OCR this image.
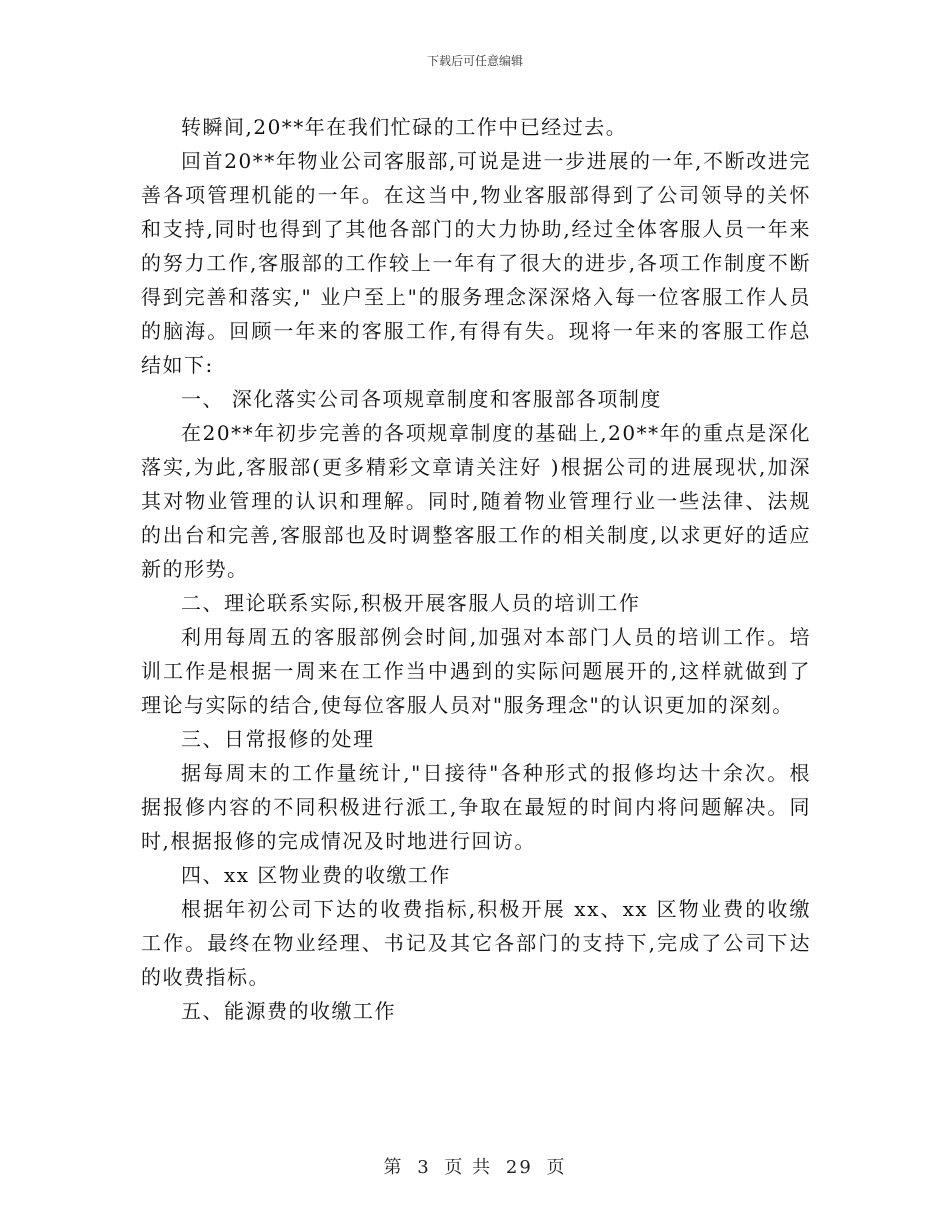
下载后可任意编辑

转瞬间,20**年在我们忙碌的工作中已经过去。

回首20**年物业公司客服部,可说是进一步进展的一年,不断改进完善各项管理机能的一年。在这当中,物业客服部得到了公司领导的关怀和支持,同时也得到了其他各部门的大力协助,经过全体客服人员一年来的努力工作,客服部的工作较上一年有了很大的进步,各项工作制度不断得到完善和落实," 业户至上"的服务理念深深烙入每一位客服工作人员的脑海。回顾一年来的客服工作,有得有失。现将一年来的客服工作总结如下:

一、 深化落实公司各项规章制度和客服部各项制度

在20**年初步完善的各项规章制度的基础上,20**年的重点是深化落实,为此,客服部(更多精彩文章请关注好 )根据公司的进展现状,加深其对物业管理的认识和理解。同时,随着物业管理行业一些法律、法规的出台和完善,客服部也及时调整客服工作的相关制度,以求更好的适应新的形势。

二、理论联系实际,积极开展客服人员的培训工作

利用每周五的客服部例会时间,加强对本部门人员的培训工作。培训工作是根据一周来在工作当中遇到的实际问题展开的,这样就做到了理论与实际的结合,使每位客服人员对"服务理念"的认识更加的深刻。

三、日常报修的处理

据每周末的工作量统计,"日接待"各种形式的报修均达十余次。根据报修内容的不同积极进行派工,争取在最短的时间内将问题解决。同时,根据报修的完成情况及时地进行回访。

四、xx 区物业费的收缴工作

根据年初公司下达的收费指标,积极开展 xx、xx 区物业费的收缴工作。最终在物业经理、书记及其它各部门的支持下,完成了公司下达的收费指标。

五、能源费的收缴工作

第 3 页 共 29 页
